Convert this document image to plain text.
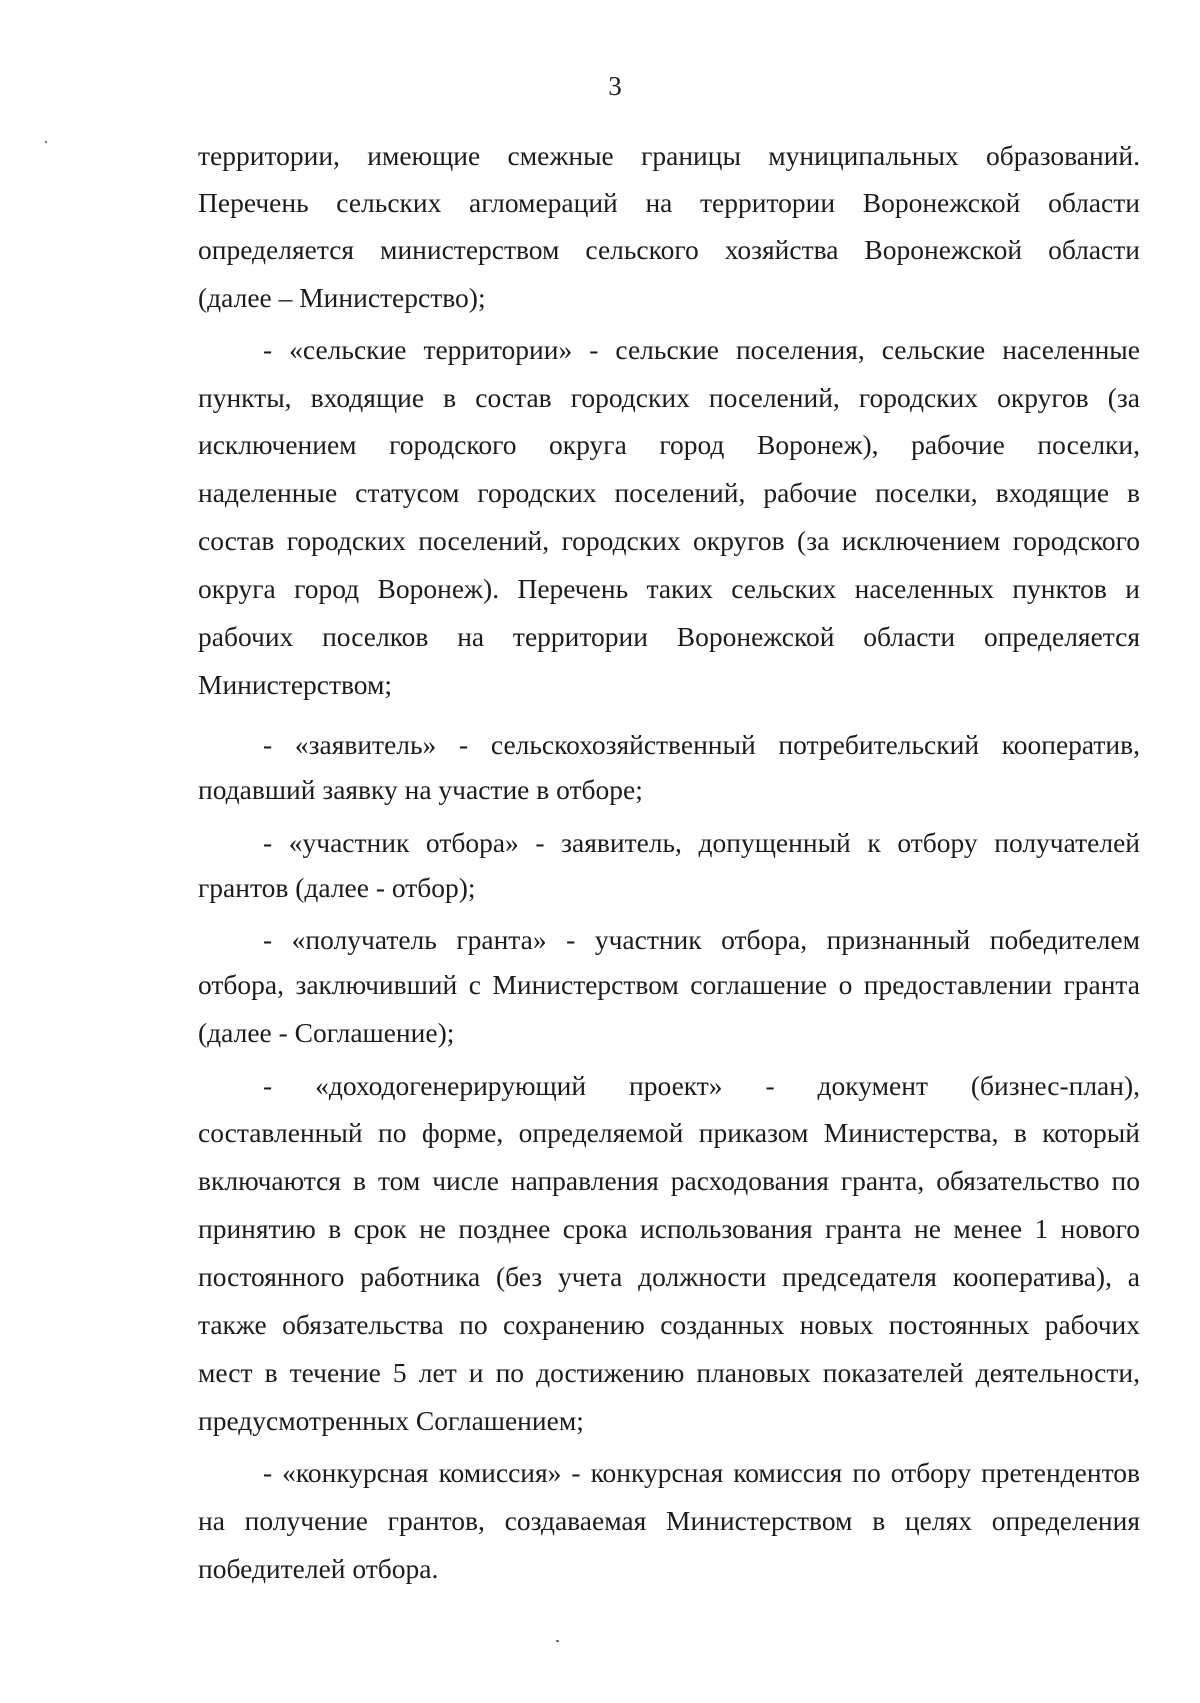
3
территории, имеющие смежные границы муниципальных образований.
Перечень сельских агломераций на территории Воронежской области
определяется министерством сельского хозяйства Воронежской области
(далее – Министерство);
- «сельские территории» - сельские поселения, сельские населенные
пункты, входящие в состав городских поселений, городских округов (за
исключением городского округа город Воронеж), рабочие поселки,
наделенные статусом городских поселений, рабочие поселки, входящие в
состав городских поселений, городских округов (за исключением городского
округа город Воронеж). Перечень таких сельских населенных пунктов и
рабочих поселков на территории Воронежской области определяется
Министерством;
- «заявитель» - сельскохозяйственный потребительский кооператив,
подавший заявку на участие в отборе;
- «участник отбора» - заявитель, допущенный к отбору получателей
грантов (далее - отбор);
- «получатель гранта» - участник отбора, признанный победителем
отбора, заключивший с Министерством соглашение о предоставлении гранта
(далее - Соглашение);
- «доходогенерирующий проект» - документ (бизнес-план),
составленный по форме, определяемой приказом Министерства, в который
включаются в том числе направления расходования гранта, обязательство по
принятию в срок не позднее срока использования гранта не менее 1 нового
постоянного работника (без учета должности председателя кооператива), а
также обязательства по сохранению созданных новых постоянных рабочих
мест в течение 5 лет и по достижению плановых показателей деятельности,
предусмотренных Соглашением;
- «конкурсная комиссия» - конкурсная комиссия по отбору претендентов
на получение грантов, создаваемая Министерством в целях определения
победителей отбора.
